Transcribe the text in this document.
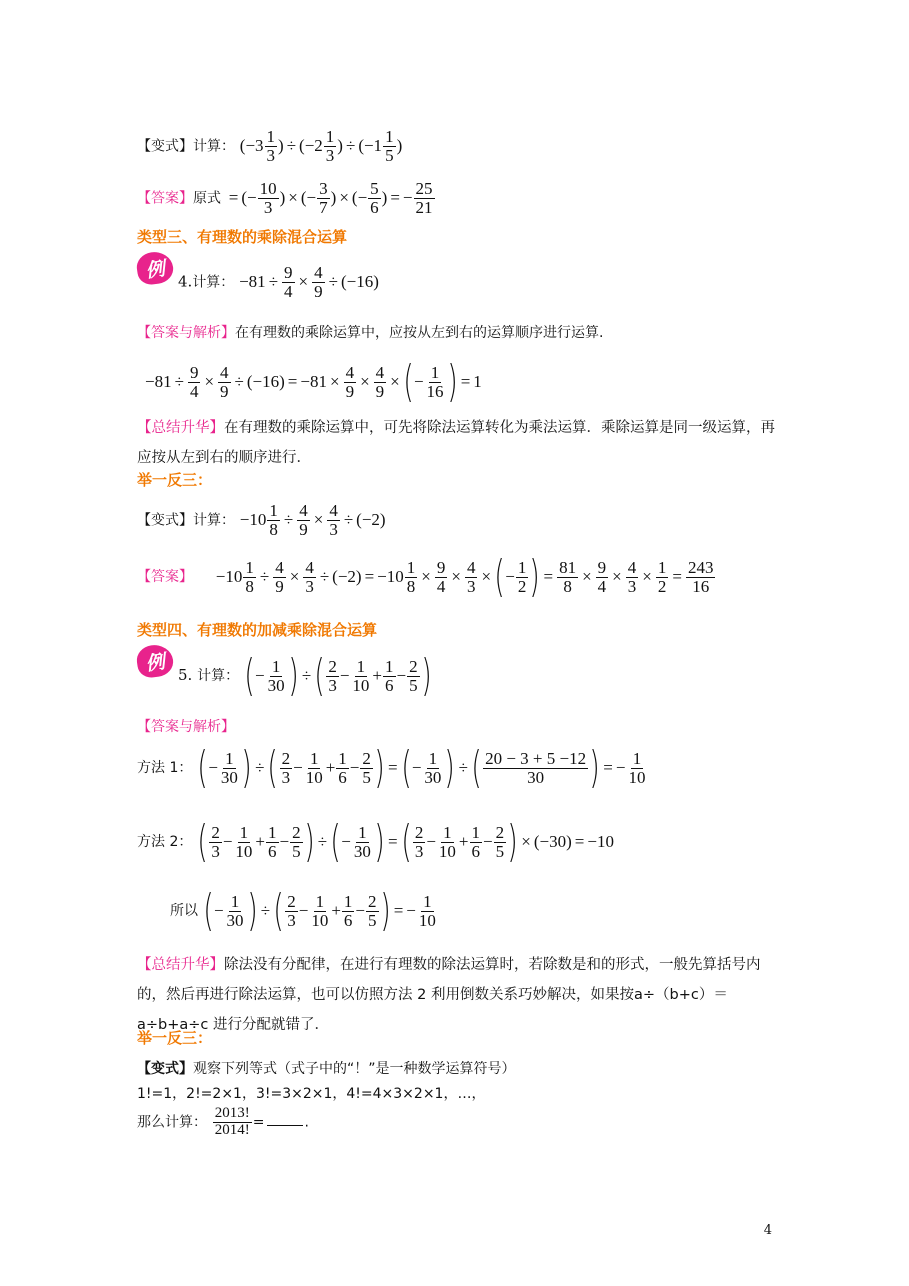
【变式】计算： ($-3 \frac{1}{3}$ ) ÷ ($-2 \frac{1}{3}$ ) ÷ ($-1 \frac{1}{5}$ )
【答案】原式 = (− $\frac{10}{3}$ ) × (− $\frac{3}{7}$ ) × (− $\frac{5}{6}$ ) = − $\frac{25}{21}$
类型三、有理数的乘除混合运算
例 4.计算： $-81 \div \frac{9}{4} \times \frac{4}{9} \div (-16)$
【答案与解析】在有理数的乘除运算中，应按从左到右的运算顺序进行运算.
$-81 \div \frac{9}{4} \times \frac{4}{9} \div (-16) = -81 \times \frac{4}{9} \times \frac{4}{9}$ × ( − 1
16 ) = 1
【总结升华】在有理数的乘除运算中，可先将除法运算转化为乘法运算．乘除运算是同一级运算，再应按从左到右的顺序进行．
举一反三：
【变式】计算： $-10 \frac{1}{8} \div \frac{4}{9} \times \frac{4}{3} \div (-2)$
【答案】 $-10 \frac{1}{8} \div \frac{4}{9} \times \frac{4}{3} \div (-2) = -10 \frac{1}{8} \times \frac{9}{4} \times \frac{4}{3}$ × ( − 1
2 ) = $\frac{81}{8} \times \frac{9}{4} \times \frac{4}{3} \times \frac{1}{2} = \frac{243}{16}$
类型四、有理数的加减乘除混合运算
例
5. 计算： ( − 1
30 ) ÷ ( 2
3 − 1
10 + 1
6 − 2
5 )
【答案与解析】
方法 1： ( − 1
30 ) ÷ ( 2
3 − 1
10 + 1
6 − 2
5 ) = ( − 1
30 ) ÷ ( 20 − 3 + 5 −12
30 ) = − $\frac{1}{10}$
方法 2： ( 2
3 − 1
10 + 1
6 − 2
5 ) ÷ ( − 1
30 ) = ( 2
3 − 1
10 + 1
6 − 2
5 ) × (−30) = −10
所以 ( − 1
30 ) ÷ ( 2
3 − 1
10 + 1
6 − 2
5 ) = − $\frac{1}{10}$
【总结升华】除法没有分配律，在进行有理数的除法运算时，若除数是和的形式，一般先算括号内的，然后再进行除法运算，也可以仿照方法 2 利用倒数关系巧妙解决，如果按a÷（b+c）＝a÷b+a÷c 进行分配就错了．
举一反三：
【变式】观察下列等式（式子中的“！”是一种数学运算符号）
1!=1，2!=2×1，3!=3×2×1，4!=4×3×2×1，…，
那么计算： $\frac{2013!}{2014!}$ =	.
4
